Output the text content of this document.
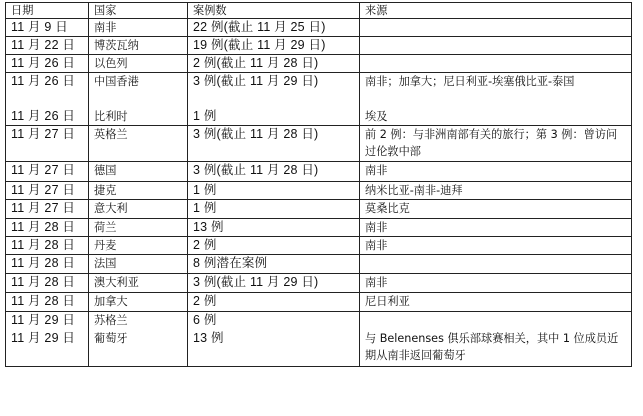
日期	国家	案例数	来源
11 月 9 日	南非	22 例(截止 11 月 25 日)	
11 月 22 日	博茨瓦纳	19 例(截止 11 月 29 日)	
11 月 26 日	以色列	2 例(截止 11 月 28 日)	
11 月 26 日	中国香港	3 例(截止 11 月 29 日)	南非；加拿大；尼日利亚-埃塞俄比亚-泰国
11 月 26 日	比利时	1 例	埃及
11 月 27 日	英格兰	3 例(截止 11 月 28 日)	前 2 例：与非洲南部有关的旅行；第 3 例：曾访问过伦敦中部
11 月 27 日	德国	3 例(截止 11 月 28 日)	南非
11 月 27 日	捷克	1 例	纳米比亚-南非-迪拜
11 月 27 日	意大利	1 例	莫桑比克
11 月 28 日	荷兰	13 例	南非
11 月 28 日	丹麦	2 例	南非
11 月 28 日	法国	8 例潜在案例	
11 月 28 日	澳大利亚	3 例(截止 11 月 29 日)	南非
11 月 28 日	加拿大	2 例	尼日利亚
11 月 29 日	苏格兰	6 例	
11 月 29 日	葡萄牙	13 例	与 Belenenses 俱乐部球赛相关，其中 1 位成员近期从南非返回葡萄牙
